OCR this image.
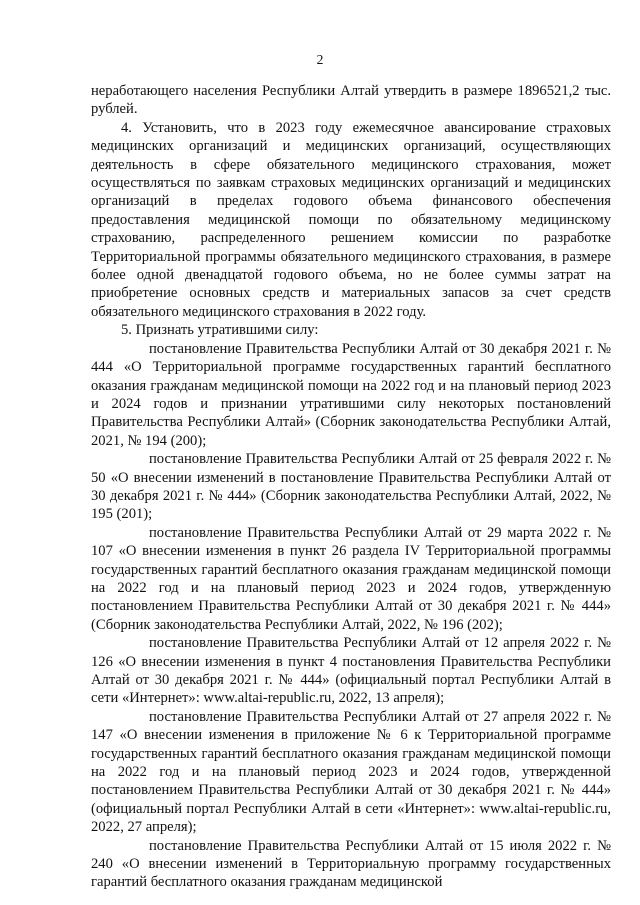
2

неработающего населения Республики Алтай утвердить в размере 1896521,2 тыс. рублей.

4. Установить, что в 2023 году ежемесячное авансирование страховых медицинских организаций и медицинских организаций, осуществляющих деятельность в сфере обязательного медицинского страхования, может осуществляться по заявкам страховых медицинских организаций и медицинских организаций в пределах годового объема финансового обеспечения предоставления медицинской помощи по обязательному медицинскому страхованию, распределенного решением комиссии по разработке Территориальной программы обязательного медицинского страхования, в размере более одной двенадцатой годового объема, но не более суммы затрат на приобретение основных средств и материальных запасов за счет средств обязательного медицинского страхования в 2022 году.

5. Признать утратившими силу:

постановление Правительства Республики Алтай от 30 декабря 2021 г. № 444 «О Территориальной программе государственных гарантий бесплатного оказания гражданам медицинской помощи на 2022 год и на плановый период 2023 и 2024 годов и признании утратившими силу некоторых постановлений Правительства Республики Алтай» (Сборник законодательства Республики Алтай, 2021, № 194 (200);

постановление Правительства Республики Алтай от 25 февраля 2022 г. № 50 «О внесении изменений в постановление Правительства Республики Алтай от 30 декабря 2021 г. № 444» (Сборник законодательства Республики Алтай, 2022, № 195 (201);

постановление Правительства Республики Алтай от 29 марта 2022 г. № 107 «О внесении изменения в пункт 26 раздела IV Территориальной программы государственных гарантий бесплатного оказания гражданам медицинской помощи на 2022 год и на плановый период 2023 и 2024 годов, утвержденную постановлением Правительства Республики Алтай от 30 декабря 2021 г. № 444» (Сборник законодательства Республики Алтай, 2022, № 196 (202);

постановление Правительства Республики Алтай от 12 апреля 2022 г. № 126 «О внесении изменения в пункт 4 постановления Правительства Республики Алтай от 30 декабря 2021 г. № 444» (официальный портал Республики Алтай в сети «Интернет»: www.altai-republic.ru, 2022, 13 апреля);

постановление Правительства Республики Алтай от 27 апреля 2022 г. № 147 «О внесении изменения в приложение № 6 к Территориальной программе государственных гарантий бесплатного оказания гражданам медицинской помощи на 2022 год и на плановый период 2023 и 2024 годов, утвержденной постановлением Правительства Республики Алтай от 30 декабря 2021 г. № 444» (официальный портал Республики Алтай в сети «Интернет»: www.altai-republic.ru, 2022, 27 апреля);

постановление Правительства Республики Алтай от 15 июля 2022 г. № 240 «О внесении изменений в Территориальную программу государственных гарантий бесплатного оказания гражданам медицинской
